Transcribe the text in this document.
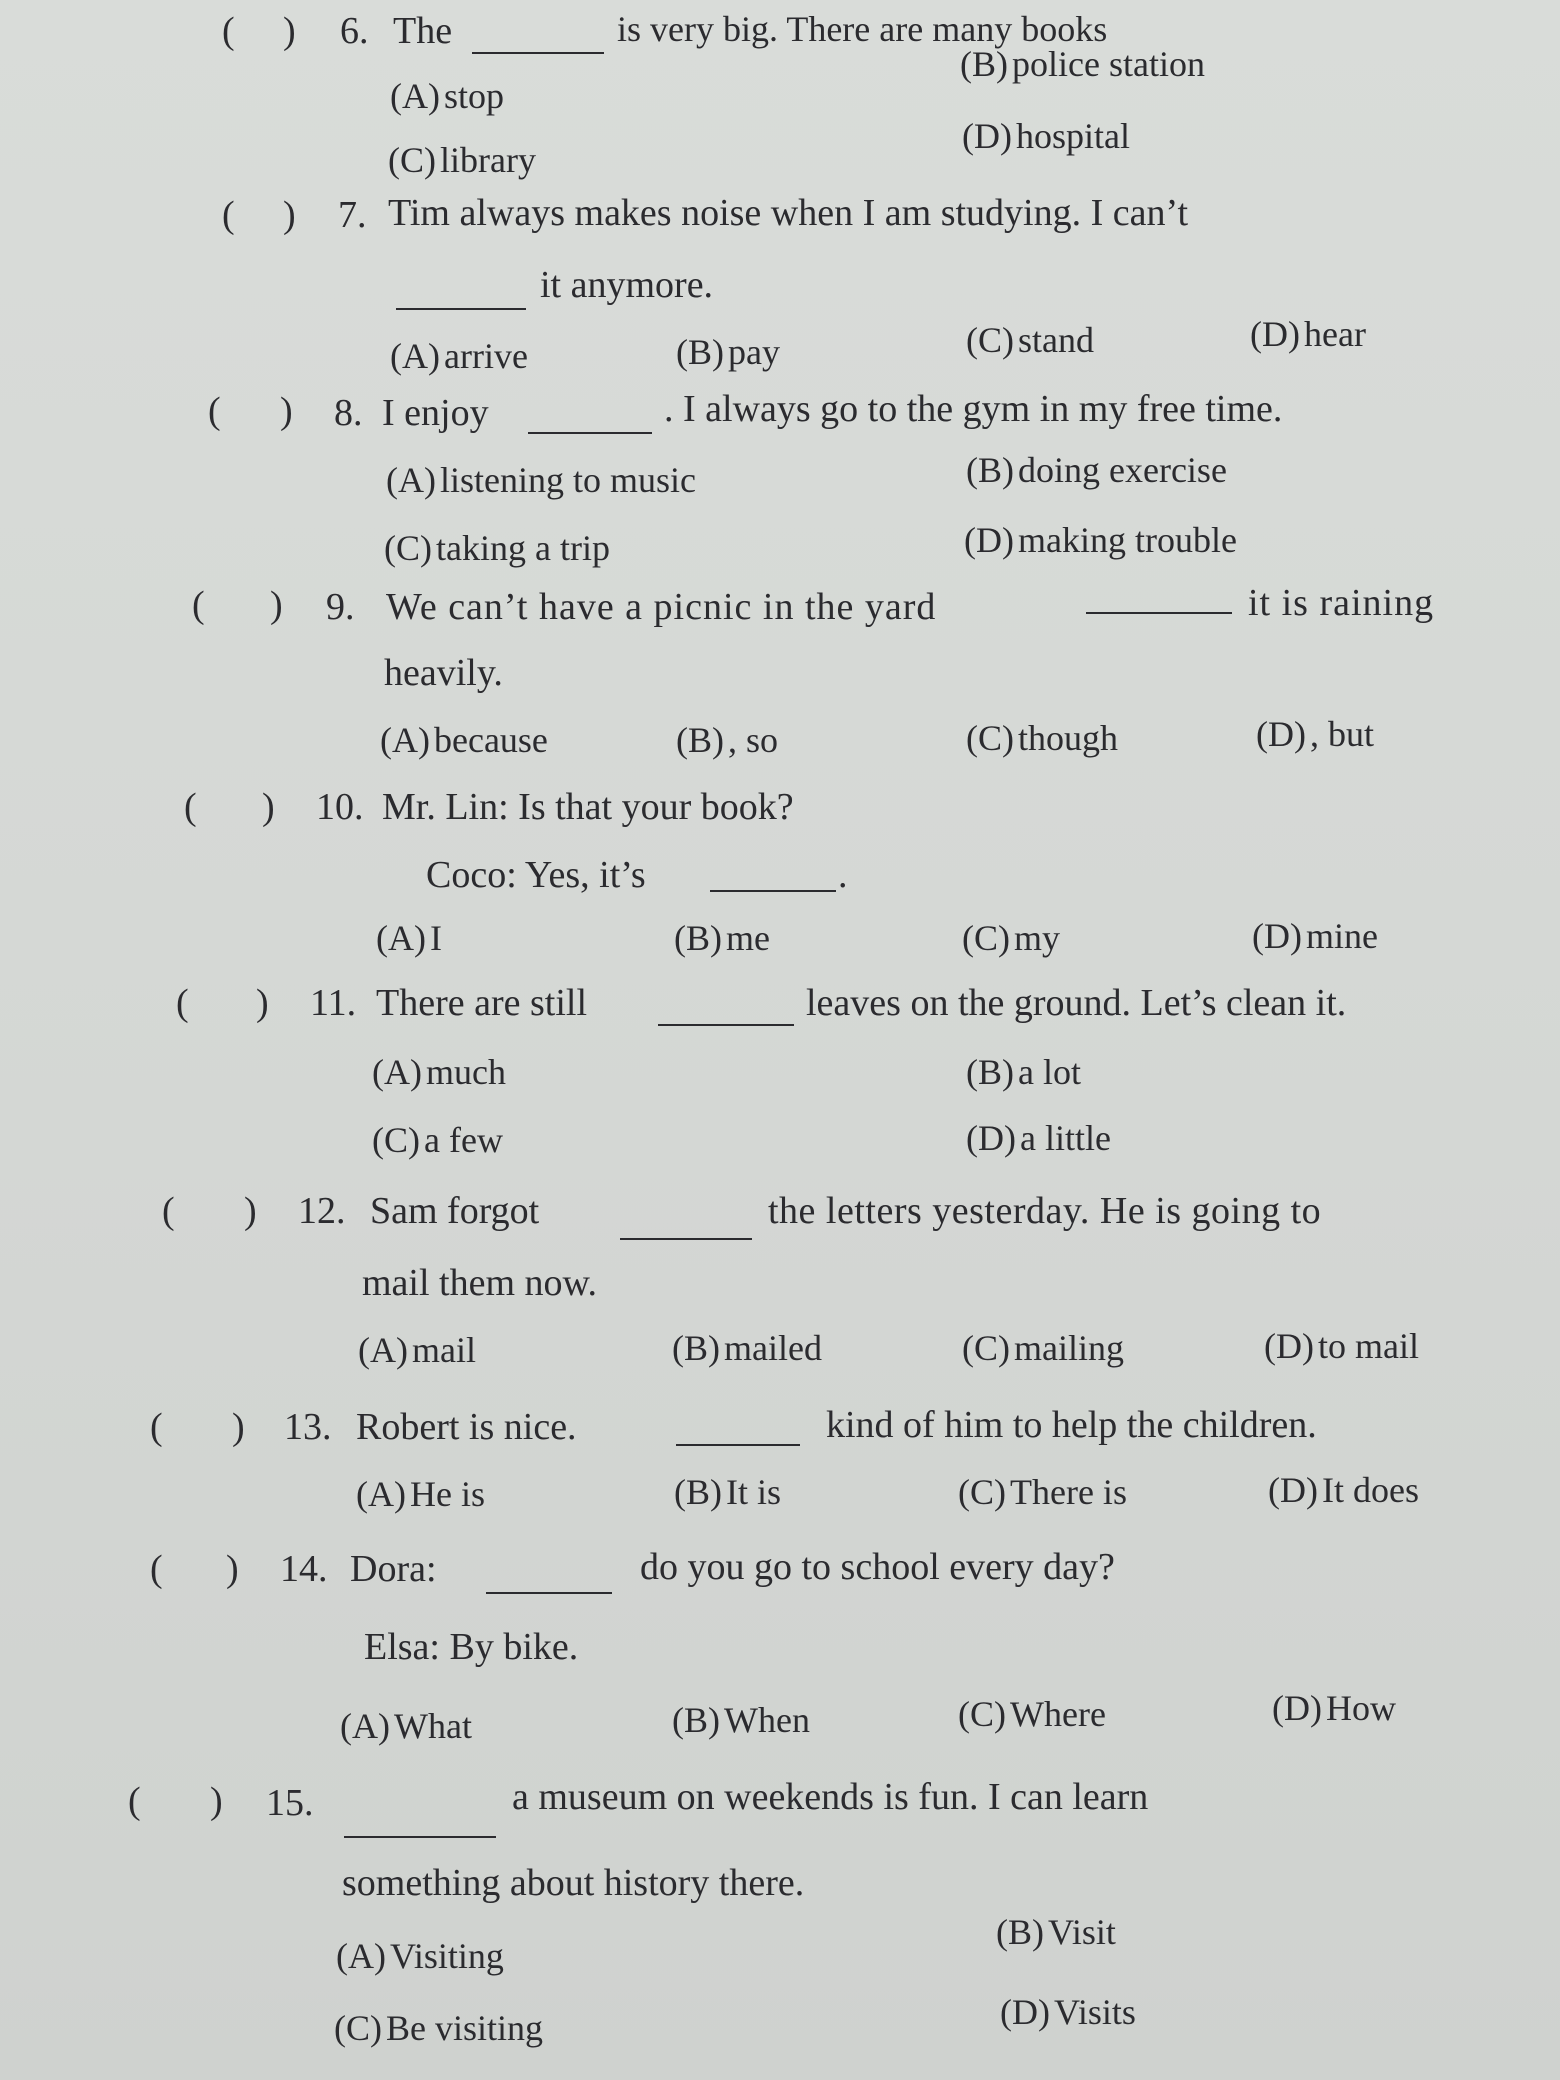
( ) 6. The	is very big. There are many books
(A) stop
(B) police station
(C) library
(D) hospital
( ) 7. Tim always makes noise when I am studying. I can’t
it anymore.
(A) arrive	(B) pay	(C) stand	(D) hear
( ) 8. I enjoy	. I always go to the gym in my free time.
(A) listening to music	(B) doing exercise
(C) taking a trip	(D) making trouble
( ) 9. We can’t have a picnic in the yard	it is raining
heavily.
(A) because	(B) , so	(C) though	(D) , but
( ) 10. Mr. Lin: Is that your book?
Coco: Yes, it’s	.
(A) I	(B) me	(C) my	(D) mine
( ) 11. There are still	leaves on the ground. Let’s clean it.
(A) much	(B) a lot
(C) a few	(D) a little
( ) 12. Sam forgot	the letters yesterday. He is going to
mail them now.
(A) mail	(B) mailed	(C) mailing	(D) to mail
( ) 13. Robert is nice.	kind of him to help the children.
(A) He is	(B) It is	(C) There is	(D) It does
( ) 14. Dora:	do you go to school every day?
Elsa: By bike.
(A) What	(B) When	(C) Where	(D) How
( ) 15.	a museum on weekends is fun. I can learn
something about history there.
(A) Visiting
(B) Visit
(C) Be visiting	(D) Visits
